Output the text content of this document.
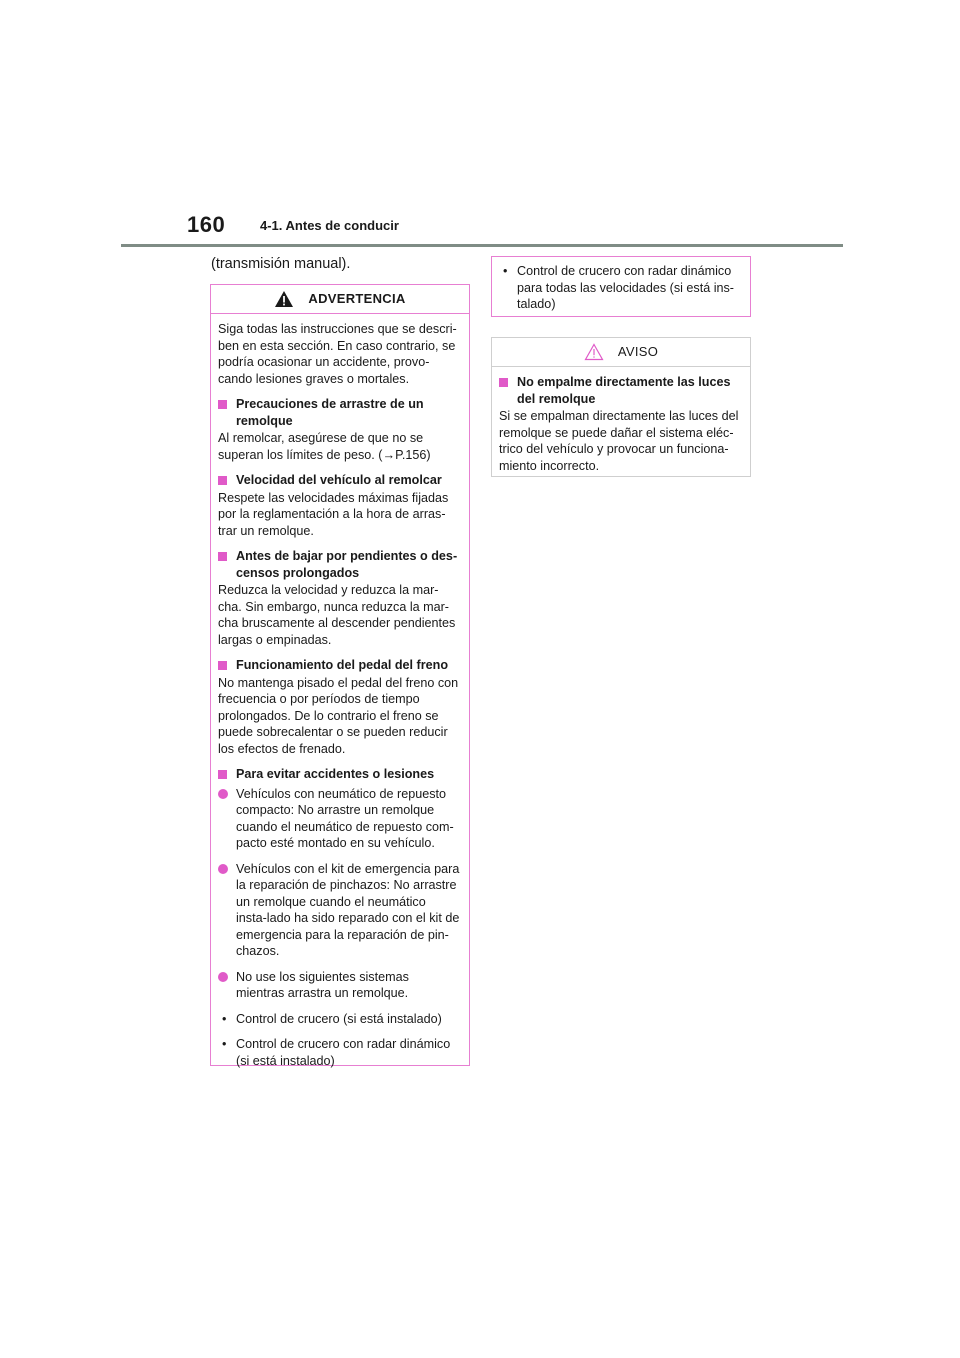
160	4-1. Antes de conducir
(transmisión manual).
ADVERTENCIA

Siga todas las instrucciones que se descri-ben en esta sección. En caso contrario, se podría ocasionar un accidente, provo-cando lesiones graves o mortales.

Precauciones de arrastre de un remolque

Al remolcar, asegúrese de que no se superan los límites de peso. (→P.156)

Velocidad del vehículo al remolcar

Respete las velocidades máximas fijadas por la reglamentación a la hora de arras-trar un remolque.

Antes de bajar por pendientes o des-censos prolongados

Reduzca la velocidad y reduzca la mar-cha. Sin embargo, nunca reduzca la mar-cha bruscamente al descender pendientes largas o empinadas.

Funcionamiento del pedal del freno

No mantenga pisado el pedal del freno con frecuencia o por períodos de tiempo prolongados. De lo contrario el freno se puede sobrecalentar o se pueden reducir los efectos de frenado.

Para evitar accidentes o lesiones

Vehículos con neumático de repuesto compacto: No arrastre un remolque cuando el neumático de repuesto com-pacto esté montado en su vehículo.

Vehículos con el kit de emergencia para la reparación de pinchazos: No arrastre un remolque cuando el neumático insta-lado ha sido reparado con el kit de emergencia para la reparación de pin-chazos.

No use los siguientes sistemas mientras arrastra un remolque.

• Control de crucero (si está instalado)

• Control de crucero con radar dinámico (si está instalado)

• Control de crucero con radar dinámico para todas las velocidades (si está ins-talado)

AVISO

No empalme directamente las luces del remolque

Si se empalman directamente las luces del remolque se puede dañar el sistema eléc-trico del vehículo y provocar un funciona-miento incorrecto.
